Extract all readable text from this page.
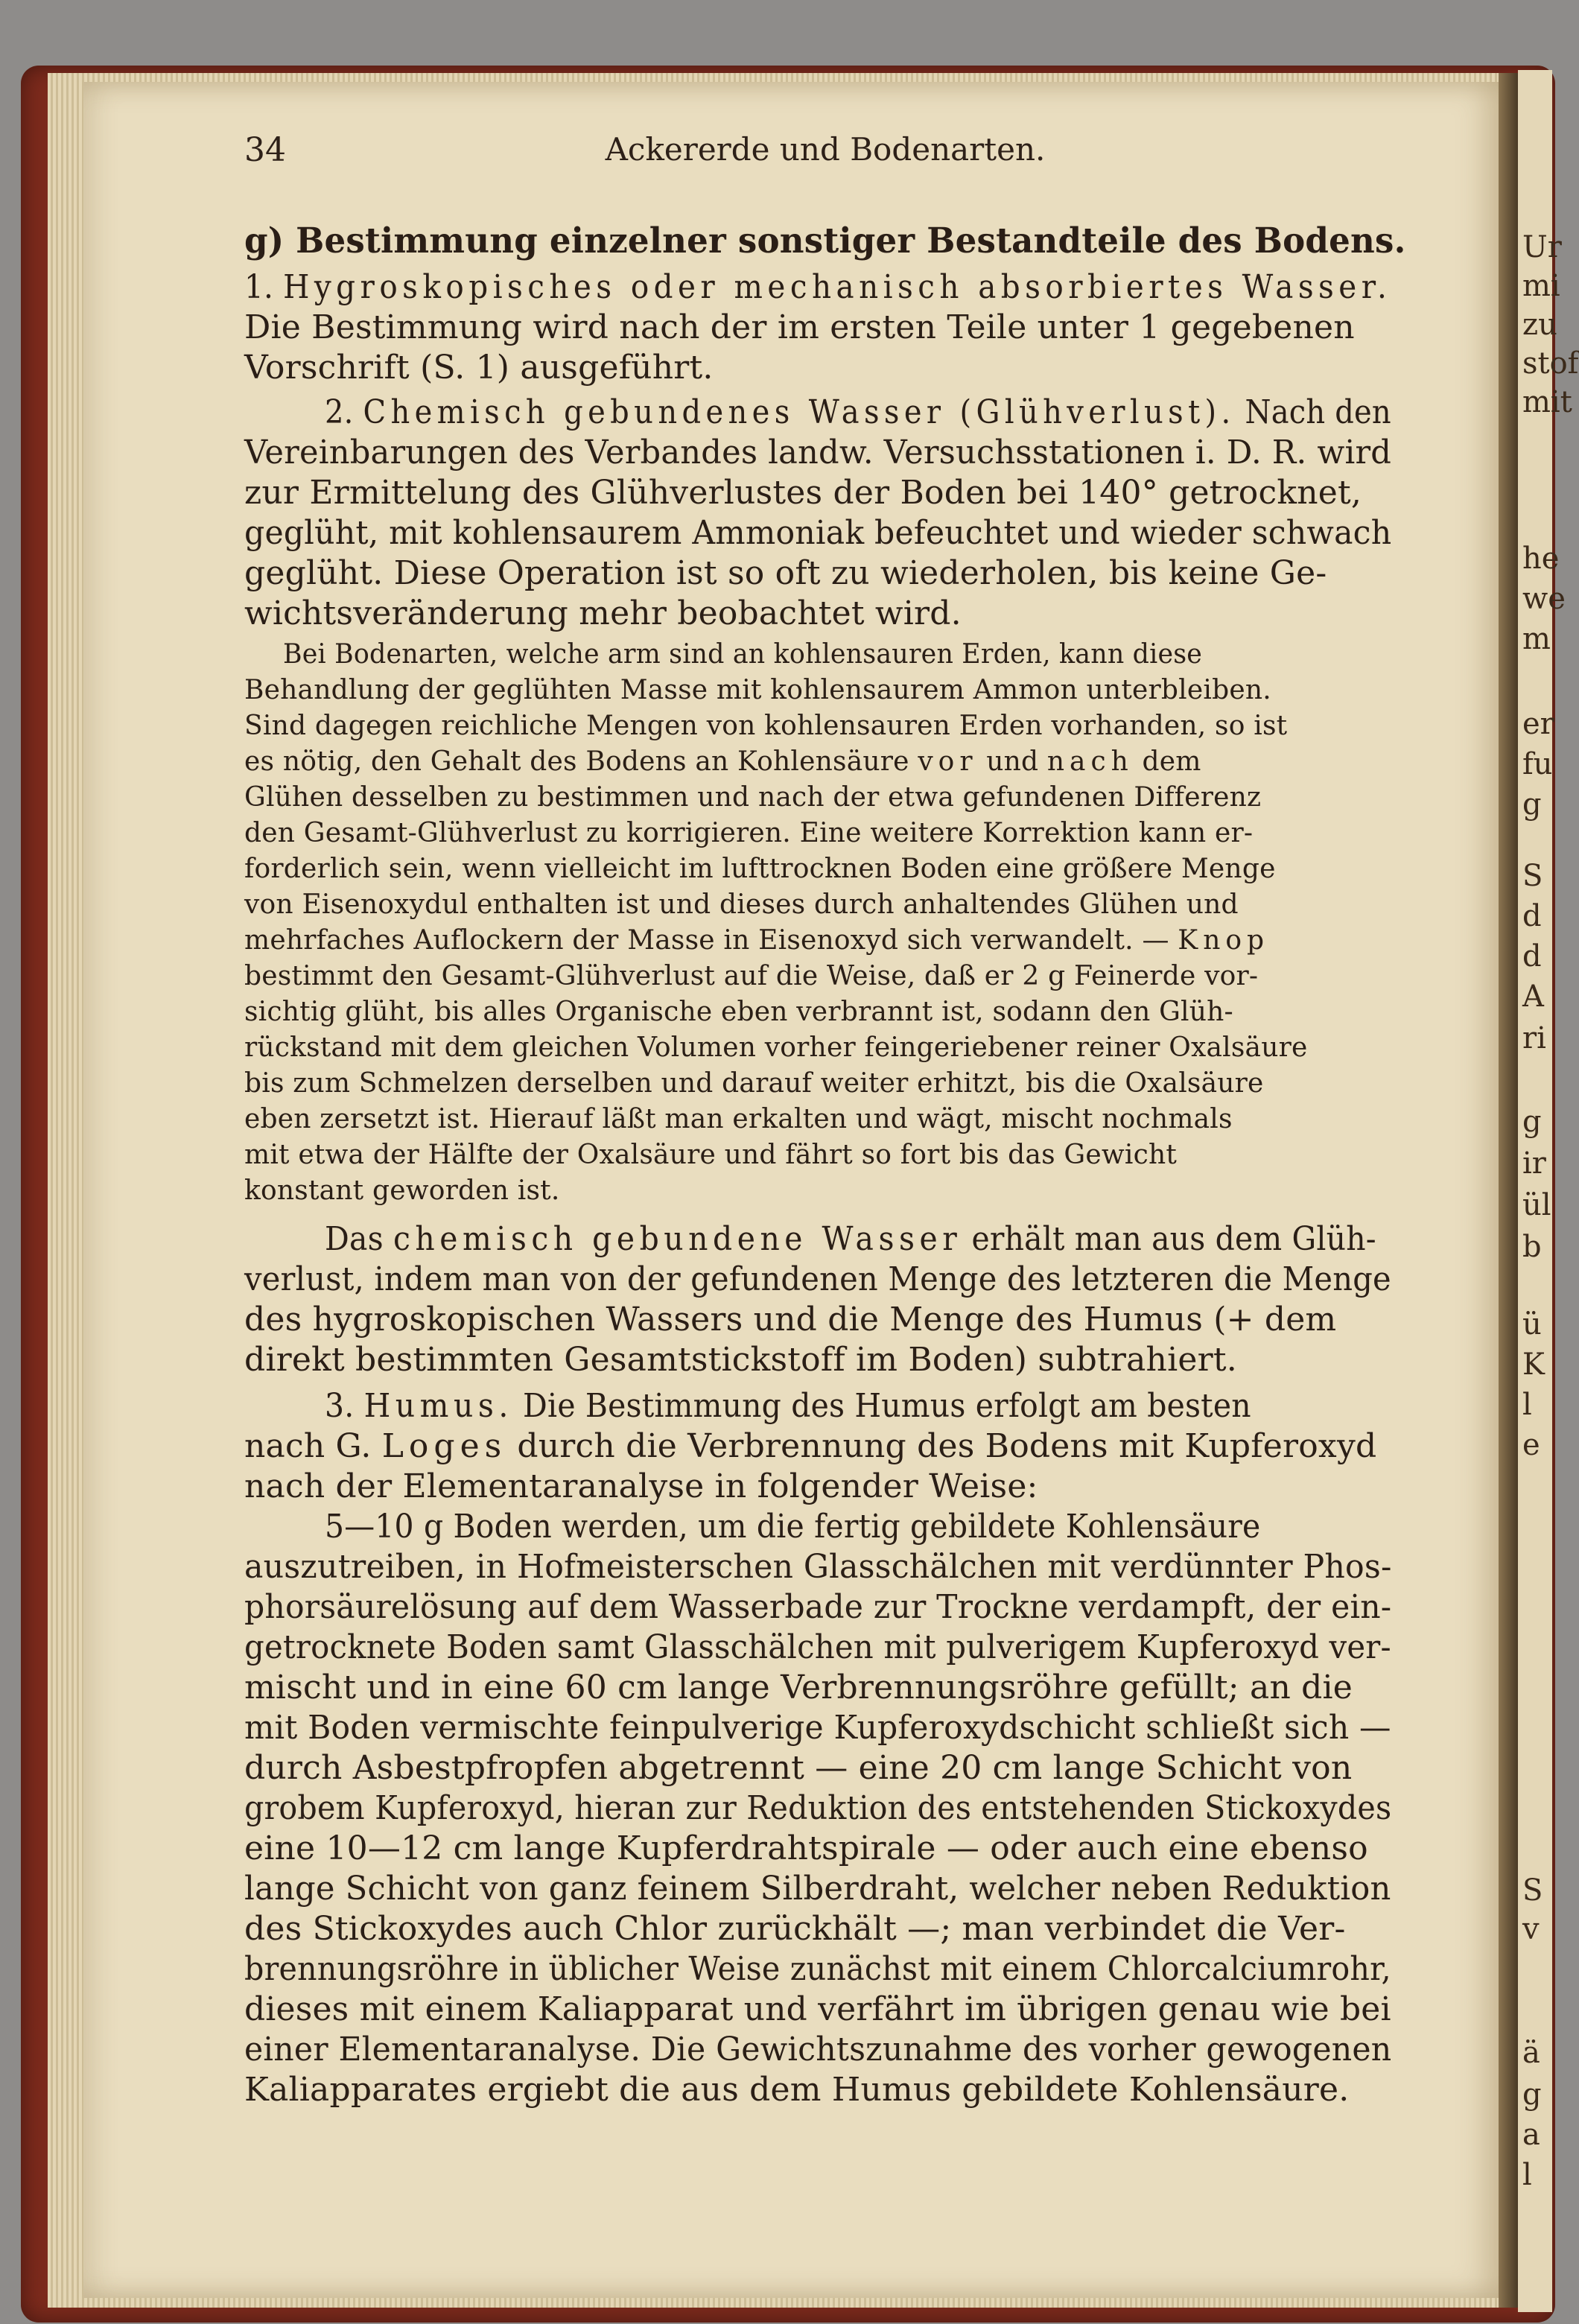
Ur
mi
zu
stof
mit
he
we
m
er
fu
g
S
d
d
A
ri
g
ir
ül
b
ü
K
l
e
S
v
ä
g
a
l
Ackererde und Bodenarten.
34
g) Bestimmung einzelner sonstiger Bestandteile des Bodens.
1. Hygroskopisches oder mechanisch absorbiertes Wasser.
Die Bestimmung wird nach der im ersten Teile unter 1 gegebenen
Vorschrift (S. 1) ausgeführt.
2. Chemisch gebundenes Wasser (Glühverlust). Nach den
Vereinbarungen des Verbandes landw. Versuchsstationen i. D. R. wird
zur Ermittelung des Glühverlustes der Boden bei 140° getrocknet,
geglüht, mit kohlensaurem Ammoniak befeuchtet und wieder schwach
geglüht. Diese Operation ist so oft zu wiederholen, bis keine Ge-
wichtsveränderung mehr beobachtet wird.
Bei Bodenarten, welche arm sind an kohlensauren Erden, kann diese
Behandlung der geglühten Masse mit kohlensaurem Ammon unterbleiben.
Sind dagegen reichliche Mengen von kohlensauren Erden vorhanden, so ist
es nötig, den Gehalt des Bodens an Kohlensäure vor und nach dem
Glühen desselben zu bestimmen und nach der etwa gefundenen Differenz
den Gesamt-Glühverlust zu korrigieren. Eine weitere Korrektion kann er-
forderlich sein, wenn vielleicht im lufttrocknen Boden eine größere Menge
von Eisenoxydul enthalten ist und dieses durch anhaltendes Glühen und
mehrfaches Auflockern der Masse in Eisenoxyd sich verwandelt. — Knop
bestimmt den Gesamt-Glühverlust auf die Weise, daß er 2 g Feinerde vor-
sichtig glüht, bis alles Organische eben verbrannt ist, sodann den Glüh-
rückstand mit dem gleichen Volumen vorher feingeriebener reiner Oxalsäure
bis zum Schmelzen derselben und darauf weiter erhitzt, bis die Oxalsäure
eben zersetzt ist. Hierauf läßt man erkalten und wägt, mischt nochmals
mit etwa der Hälfte der Oxalsäure und fährt so fort bis das Gewicht
konstant geworden ist.
Das chemisch gebundene Wasser erhält man aus dem Glüh-
verlust, indem man von der gefundenen Menge des letzteren die Menge
des hygroskopischen Wassers und die Menge des Humus (+ dem
direkt bestimmten Gesamtstickstoff im Boden) subtrahiert.
3. Humus. Die Bestimmung des Humus erfolgt am besten
nach G. Loges durch die Verbrennung des Bodens mit Kupferoxyd
nach der Elementaranalyse in folgender Weise:
5—10 g Boden werden, um die fertig gebildete Kohlensäure
auszutreiben, in Hofmeisterschen Glasschälchen mit verdünnter Phos-
phorsäurelösung auf dem Wasserbade zur Trockne verdampft, der ein-
getrocknete Boden samt Glasschälchen mit pulverigem Kupferoxyd ver-
mischt und in eine 60 cm lange Verbrennungsröhre gefüllt; an die
mit Boden vermischte feinpulverige Kupferoxydschicht schließt sich —
durch Asbestpfropfen abgetrennt — eine 20 cm lange Schicht von
grobem Kupferoxyd, hieran zur Reduktion des entstehenden Stickoxydes
eine 10—12 cm lange Kupferdrahtspirale — oder auch eine ebenso
lange Schicht von ganz feinem Silberdraht, welcher neben Reduktion
des Stickoxydes auch Chlor zurückhält —; man verbindet die Ver-
brennungsröhre in üblicher Weise zunächst mit einem Chlorcalciumrohr,
dieses mit einem Kaliapparat und verfährt im übrigen genau wie bei
einer Elementaranalyse. Die Gewichtszunahme des vorher gewogenen
Kaliapparates ergiebt die aus dem Humus gebildete Kohlensäure.
